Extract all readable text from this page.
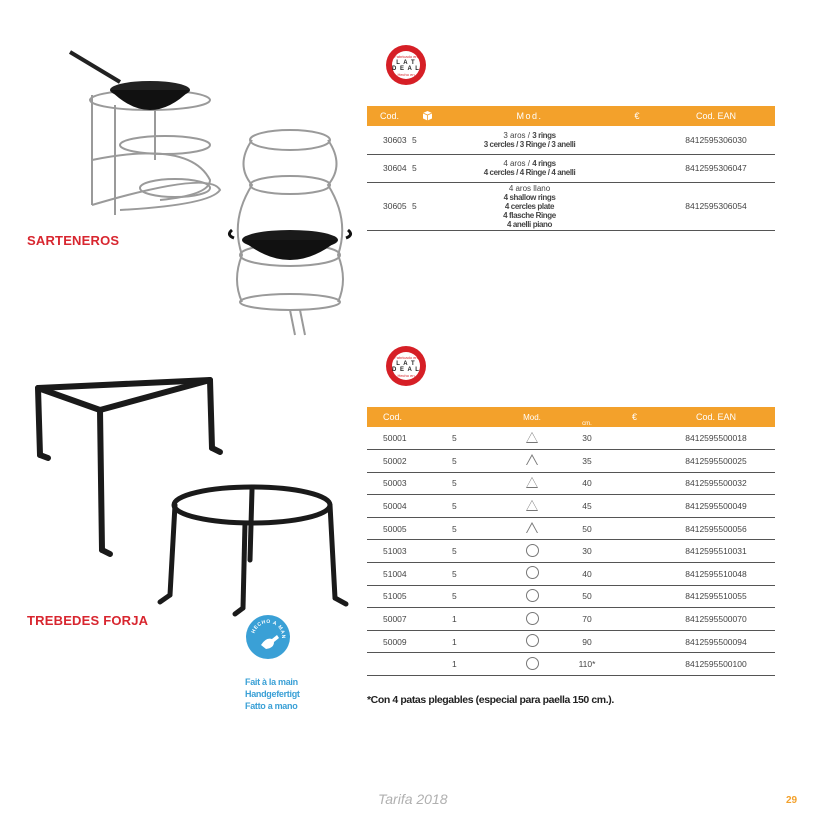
SARTENEROS
TREBEDES FORJA
Fabricado en
L A T
D E A L
Hecho en España
Fabricado en
L A T
D E A L
Hecho en España
Cod.		Mod.	€	Cod. EAN
30603	5	3 aros / 3 rings
3 cercles / 3 Ringe / 3 anelli		8412595306030
30604	5	4 aros / 4 rings
4 cercles / 4 Ringe / 4 anelli		8412595306047
30605	5	4 aros llano
4 shallow rings
4 cercles plate
4 flasche Ringe
4 anelli piano		8412595306054
Cod.		Mod.	cm.	€	Cod. EAN
50001	5		30		8412595500018
50002	5		35		8412595500025
50003	5		40		8412595500032
50004	5		45		8412595500049
50005	5		50		8412595500056
51003	5		30		8412595510031
51004	5		40		8412595510048
51005	5		50		8412595510055
50007	1		70		8412595500070
50009	1		90		8412595500094
	1		110*		8412595500100
*Con 4 patas plegables (especial para paella 150 cm.).
HECHO A MAN
Fait à la main
Handgefertigt
Fatto a mano
Tarifa 2018	29
